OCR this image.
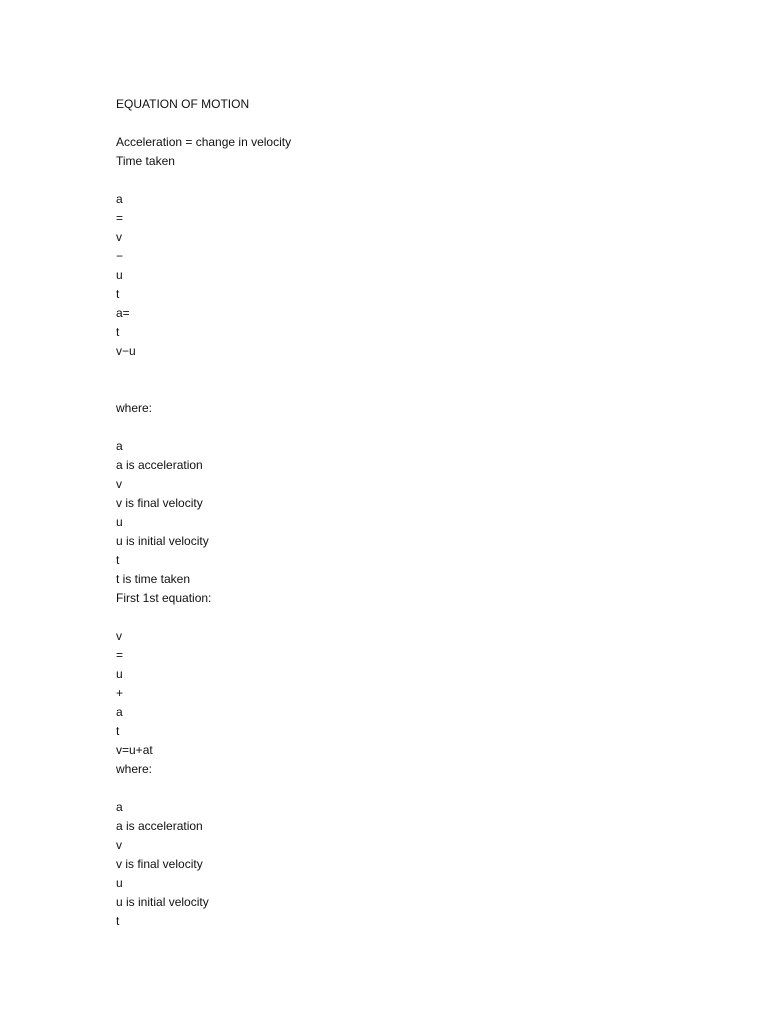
EQUATION OF MOTION
Acceleration = change in velocity
Time taken
a
=
v
−
u
t
a=
t
v−u
where:
a
a is acceleration
v
v is final velocity
u
u is initial velocity
t
t is time taken
First 1st equation:
v
=
u
+
a
t
v=u+at
where:
a
a is acceleration
v
v is final velocity
u
u is initial velocity
t
